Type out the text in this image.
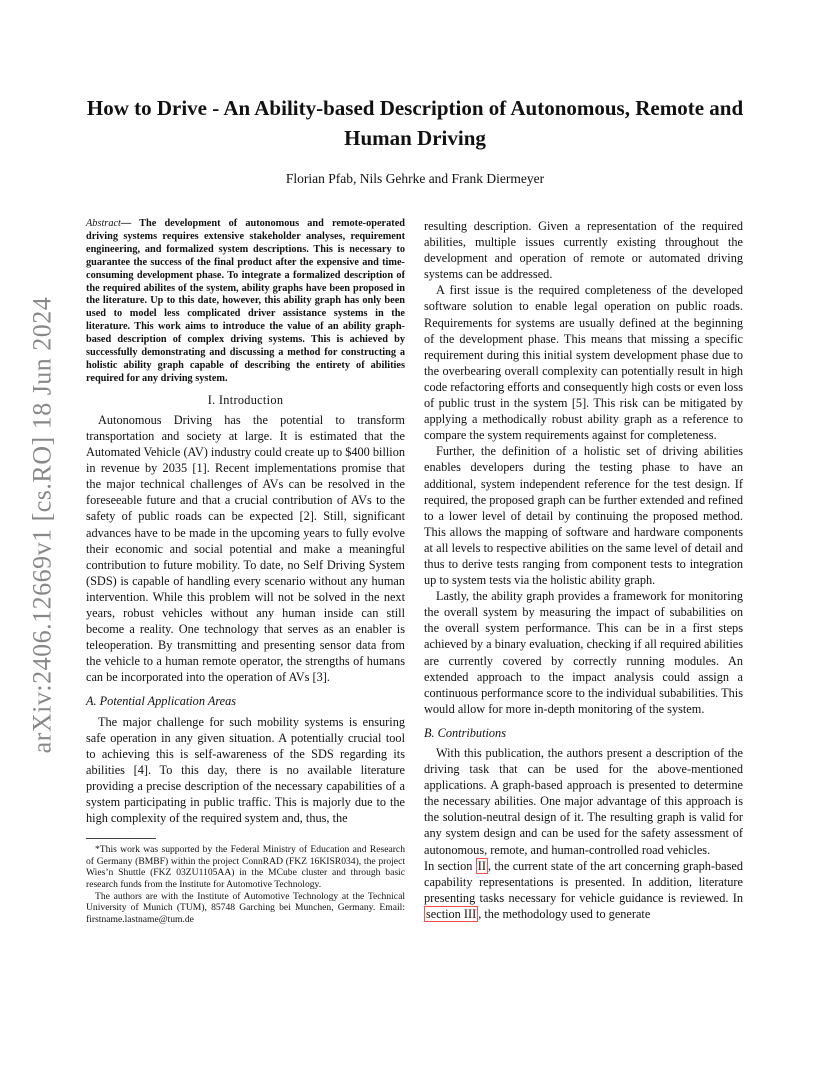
arXiv:2406.12669v1 [cs.RO] 18 Jun 2024
How to Drive - An Ability-based Description of Autonomous, Remote and Human Driving
Florian Pfab, Nils Gehrke and Frank Diermeyer

Abstract— The development of autonomous and remote-operated driving systems requires extensive stakeholder analyses, requirement engineering, and formalized system descriptions. This is necessary to guarantee the success of the final product after the expensive and time-consuming development phase. To integrate a formalized description of the required abilites of the system, ability graphs have been proposed in the literature. Up to this date, however, this ability graph has only been used to model less complicated driver assistance systems in the literature. This work aims to introduce the value of an ability graph-based description of complex driving systems. This is achieved by successfully demonstrating and discussing a method for constructing a holistic ability graph capable of describing the entirety of abilities required for any driving system.

I. Introduction

Autonomous Driving has the potential to transform transportation and society at large. It is estimated that the Automated Vehicle (AV) industry could create up to $400 billion in revenue by 2035 [1]. Recent implementations promise that the major technical challenges of AVs can be resolved in the foreseeable future and that a crucial contribution of AVs to the safety of public roads can be expected [2]. Still, significant advances have to be made in the upcoming years to fully evolve their economic and social potential and make a meaningful contribution to future mobility. To date, no Self Driving System (SDS) is capable of handling every scenario without any human intervention. While this problem will not be solved in the next years, robust vehicles without any human inside can still become a reality. One technology that serves as an enabler is teleoperation. By transmitting and presenting sensor data from the vehicle to a human remote operator, the strengths of humans can be incorporated into the operation of AVs [3].

A. Potential Application Areas

The major challenge for such mobility systems is ensuring safe operation in any given situation. A potentially crucial tool to achieving this is self-awareness of the SDS regarding its abilities [4]. To this day, there is no available literature providing a precise description of the necessary capabilities of a system participating in public traffic. This is majorly due to the high complexity of the required system and, thus, the

*This work was supported by the Federal Ministry of Education and Research of Germany (BMBF) within the project ConnRAD (FKZ 16KISR034), the project Wies’n Shuttle (FKZ 03ZU1105AA) in the MCube cluster and through basic research funds from the Institute for Automotive Technology.

The authors are with the Institute of Automotive Technology at the Technical University of Munich (TUM), 85748 Garching bei Munchen, Germany. Email: firstname.lastname@tum.de

resulting description. Given a representation of the required abilities, multiple issues currently existing throughout the development and operation of remote or automated driving systems can be addressed.

A first issue is the required completeness of the developed software solution to enable legal operation on public roads. Requirements for systems are usually defined at the beginning of the development phase. This means that missing a specific requirement during this initial system development phase due to the overbearing overall complexity can potentially result in high code refactoring efforts and consequently high costs or even loss of public trust in the system [5]. This risk can be mitigated by applying a methodically robust ability graph as a reference to compare the system requirements against for completeness.

Further, the definition of a holistic set of driving abilities enables developers during the testing phase to have an additional, system independent reference for the test design. If required, the proposed graph can be further extended and refined to a lower level of detail by continuing the proposed method. This allows the mapping of software and hardware components at all levels to respective abilities on the same level of detail and thus to derive tests ranging from component tests to integration up to system tests via the holistic ability graph.

Lastly, the ability graph provides a framework for monitoring the overall system by measuring the impact of subabilities on the overall system performance. This can be in a first steps achieved by a binary evaluation, checking if all required abilities are currently covered by correctly running modules. An extended approach to the impact analysis could assign a continuous performance score to the individual subabilities. This would allow for more in-depth monitoring of the system.

B. Contributions

With this publication, the authors present a description of the driving task that can be used for the above-mentioned applications. A graph-based approach is presented to determine the necessary abilities. One major advantage of this approach is the solution-neutral design of it. The resulting graph is valid for any system design and can be used for the safety assessment of autonomous, remote, and human-controlled road vehicles.

In section II , the current state of the art concerning graph-based capability representations is presented. In addition, literature presenting tasks necessary for vehicle guidance is reviewed. In section III , the methodology used to generate
